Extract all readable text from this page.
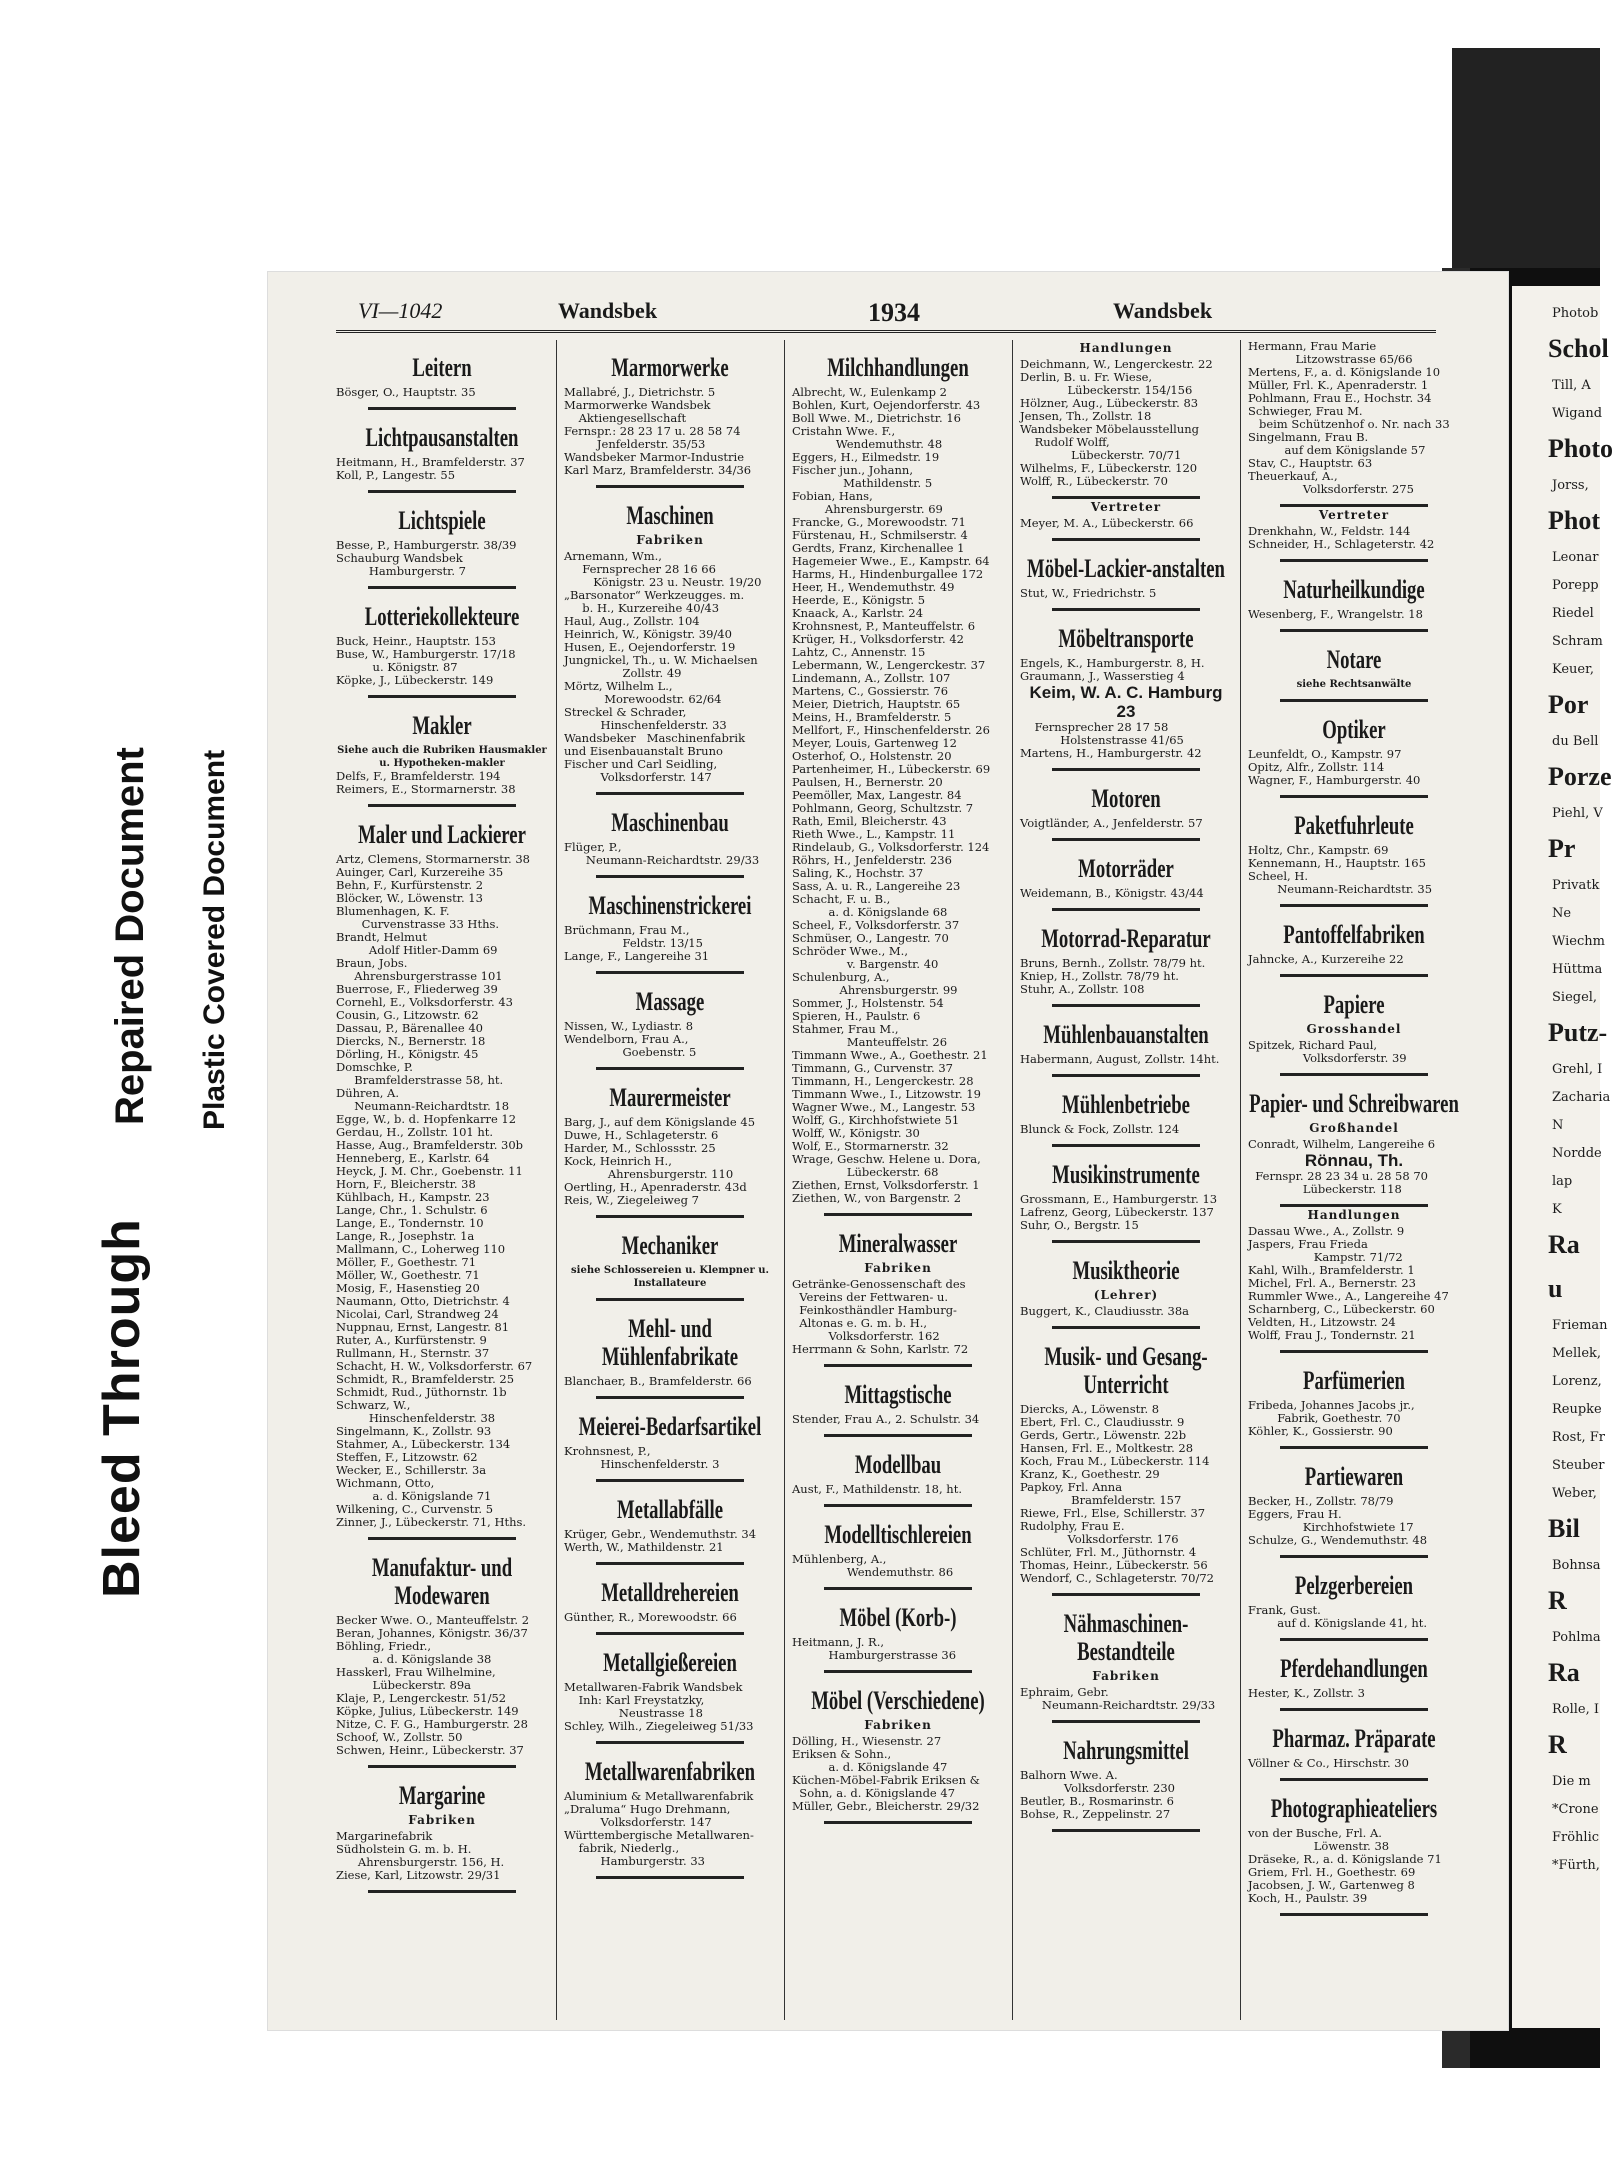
Bleed Through
Repaired Document Plastic Covered Document
VI—1042	Wandsbek	1934	Wandsbek
Leitern
Bösger, O., Hauptstr. 35
Lichtpausanstalten
Heitmann, H., Bramfelderstr. 37
Koll, P., Langestr. 55
Lichtspiele
Besse, P., Hamburgerstr. 38/39
Schauburg Wandsbek
Hamburgerstr. 7
Lotteriekollekteure
Buck, Heinr., Hauptstr. 153
Buse, W., Hamburgerstr. 17/18
u. Königstr. 87
Köpke, J., Lübeckerstr. 149
Makler
Siehe auch die Rubriken Hausmakler u. Hypotheken-makler
Delfs, F., Bramfelderstr. 194
Reimers, E., Stormarnerstr. 38
Maler und Lackierer
Artz, Clemens, Stormarnerstr. 38
Auinger, Carl, Kurzereihe 35
Behn, F., Kurfürstenstr. 2
Blöcker, W., Löwenstr. 13
Blumenhagen, K. F.
Curvenstrasse 33 Hths.
Brandt, Helmut
Adolf Hitler-Damm 69
Braun, Jobs.
Ahrensburgerstrasse 101
Buerrose, F., Fliederweg 39
Cornehl, E., Volksdorferstr. 43
Cousin, G., Litzowstr. 62
Dassau, P., Bärenallee 40
Diercks, N., Bernerstr. 18
Dörling, H., Königstr. 45
Domschke, P.
Bramfelderstrasse 58, ht.
Dühren, A.
Neumann-Reichardtstr. 18
Egge, W., b. d. Hopfenkarre 12
Gerdau, H., Zollstr. 101 ht.
Hasse, Aug., Bramfelderstr. 30b
Henneberg, E., Karlstr. 64
Heyck, J. M. Chr., Goebenstr. 11
Horn, F., Bleicherstr. 38
Kühlbach, H., Kampstr. 23
Lange, Chr., 1. Schulstr. 6
Lange, E., Tondernstr. 10
Lange, R., Josephstr. 1a
Mallmann, C., Loherweg 110
Möller, F., Goethestr. 71
Möller, W., Goethestr. 71
Mosig, F., Hasenstieg 20
Naumann, Otto, Dietrichstr. 4
Nicolai, Carl, Strandweg 24
Nuppnau, Ernst, Langestr. 81
Ruter, A., Kurfürstenstr. 9
Rullmann, H., Sternstr. 37
Schacht, H. W., Volksdorferstr. 67
Schmidt, R., Bramfelderstr. 25
Schmidt, Rud., Jüthornstr. 1b
Schwarz, W.,
Hinschenfelderstr. 38
Singelmann, K., Zollstr. 93
Stahmer, A., Lübeckerstr. 134
Steffen, F., Litzowstr. 62
Wecker, E., Schillerstr. 3a
Wichmann, Otto,
a. d. Königslande 71
Wilkening, C., Curvenstr. 5
Zinner, J., Lübeckerstr. 71, Hths.
Manufaktur- und Modewaren
Becker Wwe. O., Manteuffelstr. 2
Beran, Johannes, Königstr. 36/37
Böhling, Friedr.,
a. d. Königslande 38
Hasskerl, Frau Wilhelmine,
Lübeckerstr. 89a
Klaje, P., Lengerckestr. 51/52
Köpke, Julius, Lübeckerstr. 149
Nitze, C. F. G., Hamburgerstr. 28
Schoof, W., Zollstr. 50
Schwen, Heinr., Lübeckerstr. 37
Margarine
Fabriken
Margarinefabrik
Südholstein G. m. b. H.
Ahrensburgerstr. 156, H.
Ziese, Karl, Litzowstr. 29/31
Marmorwerke
Mallabré, J., Dietrichstr. 5
Marmorwerke Wandsbek
Aktiengesellschaft
Fernspr.: 28 23 17 u. 28 58 74
Jenfelderstr. 35/53
Wandsbeker Marmor-Industrie
Karl Marz, Bramfelderstr. 34/36
Maschinen
Fabriken
Arnemann, Wm.,
Fernsprecher 28 16 66
Königstr. 23 u. Neustr. 19/20
„Barsonator“ Werkzeugges. m.
b. H., Kurzereihe 40/43
Haul, Aug., Zollstr. 104
Heinrich, W., Königstr. 39/40
Husen, E., Oejendorferstr. 19
Jungnickel, Th., u. W. Michaelsen
Zollstr. 49
Mörtz, Wilhelm L.,
Morewoodstr. 62/64
Streckel & Schrader,
Hinschenfelderstr. 33
Wandsbeker   Maschinenfabrik
und Eisenbauanstalt Bruno
Fischer und Carl Seidling,
Volksdorferstr. 147
Maschinenbau
Flüger, P.,
Neumann-Reichardtstr. 29/33
Maschinenstrickerei
Brüchmann, Frau M.,
Feldstr. 13/15
Lange, F., Langereihe 31
Massage
Nissen, W., Lydiastr. 8
Wendelborn, Frau A.,
Goebenstr. 5
Maurermeister
Barg, J., auf dem Königslande 45
Duwe, H., Schlageterstr. 6
Harder, M., Schlossstr. 25
Kock, Heinrich H.,
Ahrensburgerstr. 110
Oertling, H., Apenraderstr. 43d
Reis, W., Ziegeleiweg 7
Mechaniker
siehe Schlossereien u. Klempner u. Installateure
Mehl- und Mühlenfabrikate
Blanchaer, B., Bramfelderstr. 66
Meierei-Bedarfsartikel
Krohnsnest, P.,
Hinschenfelderstr. 3
Metallabfälle
Krüger, Gebr., Wendemuthstr. 34
Werth, W., Mathildenstr. 21
Metalldrehereien
Günther, R., Morewoodstr. 66
Metallgießereien
Metallwaren-Fabrik Wandsbek
Inh: Karl Freystatzky,
Neustrasse 18
Schley, Wilh., Ziegeleiweg 51/33
Metallwarenfabriken
Aluminium & Metallwarenfabrik
„Draluma“ Hugo Drehmann,
Volksdorferstr. 147
Württembergische Metallwaren-
fabrik, Niederlg.,
Hamburgerstr. 33
Milchhandlungen
Albrecht, W., Eulenkamp 2
Bohlen, Kurt, Oejendorferstr. 43
Boll Wwe. M., Dietrichstr. 16
Cristahn Wwe. F.,
Wendemuthstr. 48
Eggers, H., Eilmedstr. 19
Fischer jun., Johann,
Mathildenstr. 5
Fobian, Hans,
Ahrensburgerstr. 69
Francke, G., Morewoodstr. 71
Fürstenau, H., Schmilserstr. 4
Gerdts, Franz, Kirchenallee 1
Hagemeier Wwe., E., Kampstr. 64
Harms, H., Hindenburgallee 172
Heer, H., Wendemuthstr. 49
Heerde, E., Königstr. 5
Knaack, A., Karlstr. 24
Krohnsnest, P., Manteuffelstr. 6
Krüger, H., Volksdorferstr. 42
Lahtz, C., Annenstr. 15
Lebermann, W., Lengerckestr. 37
Lindemann, A., Zollstr. 107
Martens, C., Gossierstr. 76
Meier, Dietrich, Hauptstr. 65
Meins, H., Bramfelderstr. 5
Mellfort, F., Hinschenfelderstr. 26
Meyer, Louis, Gartenweg 12
Osterhof, O., Holstenstr. 20
Partenheimer, H., Lübeckerstr. 69
Paulsen, H., Bernerstr. 20
Peemöller, Max, Langestr. 84
Pohlmann, Georg, Schultzstr. 7
Rath, Emil, Bleicherstr. 43
Rieth Wwe., L., Kampstr. 11
Rindelaub, G., Volksdorferstr. 124
Röhrs, H., Jenfelderstr. 236
Saling, K., Hochstr. 37
Sass, A. u. R., Langereihe 23
Schacht, F. u. B.,
a. d. Königslande 68
Scheel, F., Volksdorferstr. 37
Schmüser, O., Langestr. 70
Schröder Wwe., M.,
v. Bargenstr. 40
Schulenburg, A.,
Ahrensburgerstr. 99
Sommer, J., Holstenstr. 54
Spieren, H., Paulstr. 6
Stahmer, Frau M.,
Manteuffelstr. 26
Timmann Wwe., A., Goethestr. 21
Timmann, G., Curvenstr. 37
Timmann, H., Lengerckestr. 28
Timmann Wwe., I., Litzowstr. 19
Wagner Wwe., M., Langestr. 53
Wolff, G., Kirchhofstwiete 51
Wolff, W., Königstr. 30
Wolf, E., Stormarnerstr. 32
Wrage, Geschw. Helene u. Dora,
Lübeckerstr. 68
Ziethen, Ernst, Volksdorferstr. 1
Ziethen, W., von Bargenstr. 2
Mineralwasser
Fabriken
Getränke-Genossenschaft des
Vereins der Fettwaren- u.
Feinkosthändler Hamburg-
Altonas e. G. m. b. H.,
Volksdorferstr. 162
Herrmann & Sohn, Karlstr. 72
Mittagstische
Stender, Frau A., 2. Schulstr. 34
Modellbau
Aust, F., Mathildenstr. 18, ht.
Modelltischlereien
Mühlenberg, A.,
Wendemuthstr. 86
Möbel (Korb-)
Heitmann, J. R.,
Hamburgerstrasse 36
Möbel (Verschiedene)
Fabriken
Dölling, H., Wiesenstr. 27
Eriksen & Sohn.,
a. d. Königslande 47
Küchen-Möbel-Fabrik Eriksen &
Sohn, a. d. Königslande 47
Müller, Gebr., Bleicherstr. 29/32
Handlungen
Deichmann, W., Lengerckestr. 22
Derlin, B. u. Fr. Wiese,
Lübeckerstr. 154/156
Hölzner, Aug., Lübeckerstr. 83
Jensen, Th., Zollstr. 18
Wandsbeker Möbelausstellung
Rudolf Wolff,
Lübeckerstr. 70/71
Wilhelms, F., Lübeckerstr. 120
Wolff, R., Lübeckerstr. 70
Vertreter
Meyer, M. A., Lübeckerstr. 66
Möbel-Lackier-anstalten
Stut, W., Friedrichstr. 5
Möbeltransporte
Engels, K., Hamburgerstr. 8, H.
Graumann, J., Wasserstieg 4
Keim, W. A. C. Hamburg 23
Fernsprecher 28 17 58
Holstenstrasse 41/65
Martens, H., Hamburgerstr. 42
Motoren
Voigtländer, A., Jenfelderstr. 57
Motorräder
Weidemann, B., Königstr. 43/44
Motorrad-Reparatur
Bruns, Bernh., Zollstr. 78/79 ht.
Kniep, H., Zollstr. 78/79 ht.
Stuhr, A., Zollstr. 108
Mühlenbauanstalten
Habermann, August, Zollstr. 14ht.
Mühlenbetriebe
Blunck & Fock, Zollstr. 124
Musikinstrumente
Grossmann, E., Hamburgerstr. 13
Lafrenz, Georg, Lübeckerstr. 137
Suhr, O., Bergstr. 15
Musiktheorie
(Lehrer)
Buggert, K., Claudiusstr. 38a
Musik- und Gesang-Unterricht
Diercks, A., Löwenstr. 8
Ebert, Frl. C., Claudiusstr. 9
Gerds, Gertr., Löwenstr. 22b
Hansen, Frl. E., Moltkestr. 28
Koch, Frau M., Lübeckerstr. 114
Kranz, K., Goethestr. 29
Papkoy, Frl. Anna
Bramfelderstr. 157
Riewe, Frl., Else, Schillerstr. 37
Rudolphy, Frau E.
Volksdorferstr. 176
Schlüter, Frl. M., Jüthornstr. 4
Thomas, Heinr., Lübeckerstr. 56
Wendorf, C., Schlageterstr. 70/72
Nähmaschinen-Bestandteile
Fabriken
Ephraim, Gebr.
Neumann-Reichardtstr. 29/33
Nahrungsmittel
Balhorn Wwe. A.
Volksdorferstr. 230
Beutler, B., Rosmarinstr. 6
Bohse, R., Zeppelinstr. 27
Hermann, Frau Marie
Litzowstrasse 65/66
Mertens, F., a. d. Königslande 10
Müller, Frl. K., Apenraderstr. 1
Pohlmann, Frau E., Hochstr. 34
Schwieger, Frau M.
beim Schützenhof o. Nr. nach 33
Singelmann, Frau B.
auf dem Königslande 57
Stav, C., Hauptstr. 63
Theuerkauf, A.,
Volksdorferstr. 275
Vertreter
Drenkhahn, W., Feldstr. 144
Schneider, H., Schlageterstr. 42
Naturheilkundige
Wesenberg, F., Wrangelstr. 18
Notare
siehe Rechtsanwälte
Optiker
Leunfeldt, O., Kampstr. 97
Opitz, Alfr., Zollstr. 114
Wagner, F., Hamburgerstr. 40
Paketfuhrleute
Holtz, Chr., Kampstr. 69
Kennemann, H., Hauptstr. 165
Scheel, H.
Neumann-Reichardtstr. 35
Pantoffelfabriken
Jahncke, A., Kurzereihe 22
Papiere
Grosshandel
Spitzek, Richard Paul,
Volksdorferstr. 39
Papier- und Schreibwaren
Großhandel
Conradt, Wilhelm, Langereihe 6
Rönnau, Th.
Fernspr. 28 23 34 u. 28 58 70
Lübeckerstr. 118
Handlungen
Dassau Wwe., A., Zollstr. 9
Jaspers, Frau Frieda
Kampstr. 71/72
Kahl, Wilh., Bramfelderstr. 1
Michel, Frl. A., Bernerstr. 23
Rummler Wwe., A., Langereihe 47
Scharnberg, C., Lübeckerstr. 60
Veldten, H., Litzowstr. 24
Wolff, Frau J., Tondernstr. 21
Parfümerien
Fribeda, Johannes Jacobs jr.,
Fabrik, Goethestr. 70
Köhler, K., Gossierstr. 90
Partiewaren
Becker, H., Zollstr. 78/79
Eggers, Frau H.
Kirchhofstwiete 17
Schulze, G., Wendemuthstr. 48
Pelzgerbereien
Frank, Gust.
auf d. Königslande 41, ht.
Pferdehandlungen
Hester, K., Zollstr. 3
Pharmaz. Präparate
Völlner & Co., Hirschstr. 30
Photographieateliers
von der Busche, Frl. A.
Löwenstr. 38
Dräseke, R., a. d. Königslande 71
Griem, Frl. H., Goethestr. 69
Jacobsen, J. W., Gartenweg 8
Koch, H., Paulstr. 39
Photob
Schol
Till, A
Wigand
Photo
Jorss,
Phot
Leonar
Porepp
Riedel
Schram
Keuer,
Por
du Bell
Porze
Piehl, V
Pr
Privatk
Ne
Wiechm
Hüttma
Siegel,
Putz-
Grehl, I
Zacharia
N
Nordde
lap
K
Ra
u
Frieman
Mellek,
Lorenz,
Reupke
Rost, Fr
Steuber
Weber,
Bil
Bohnsa
R
Pohlma
Ra
Rolle, I
R
Die m
*Crone
Fröhlic
*Fürth,
